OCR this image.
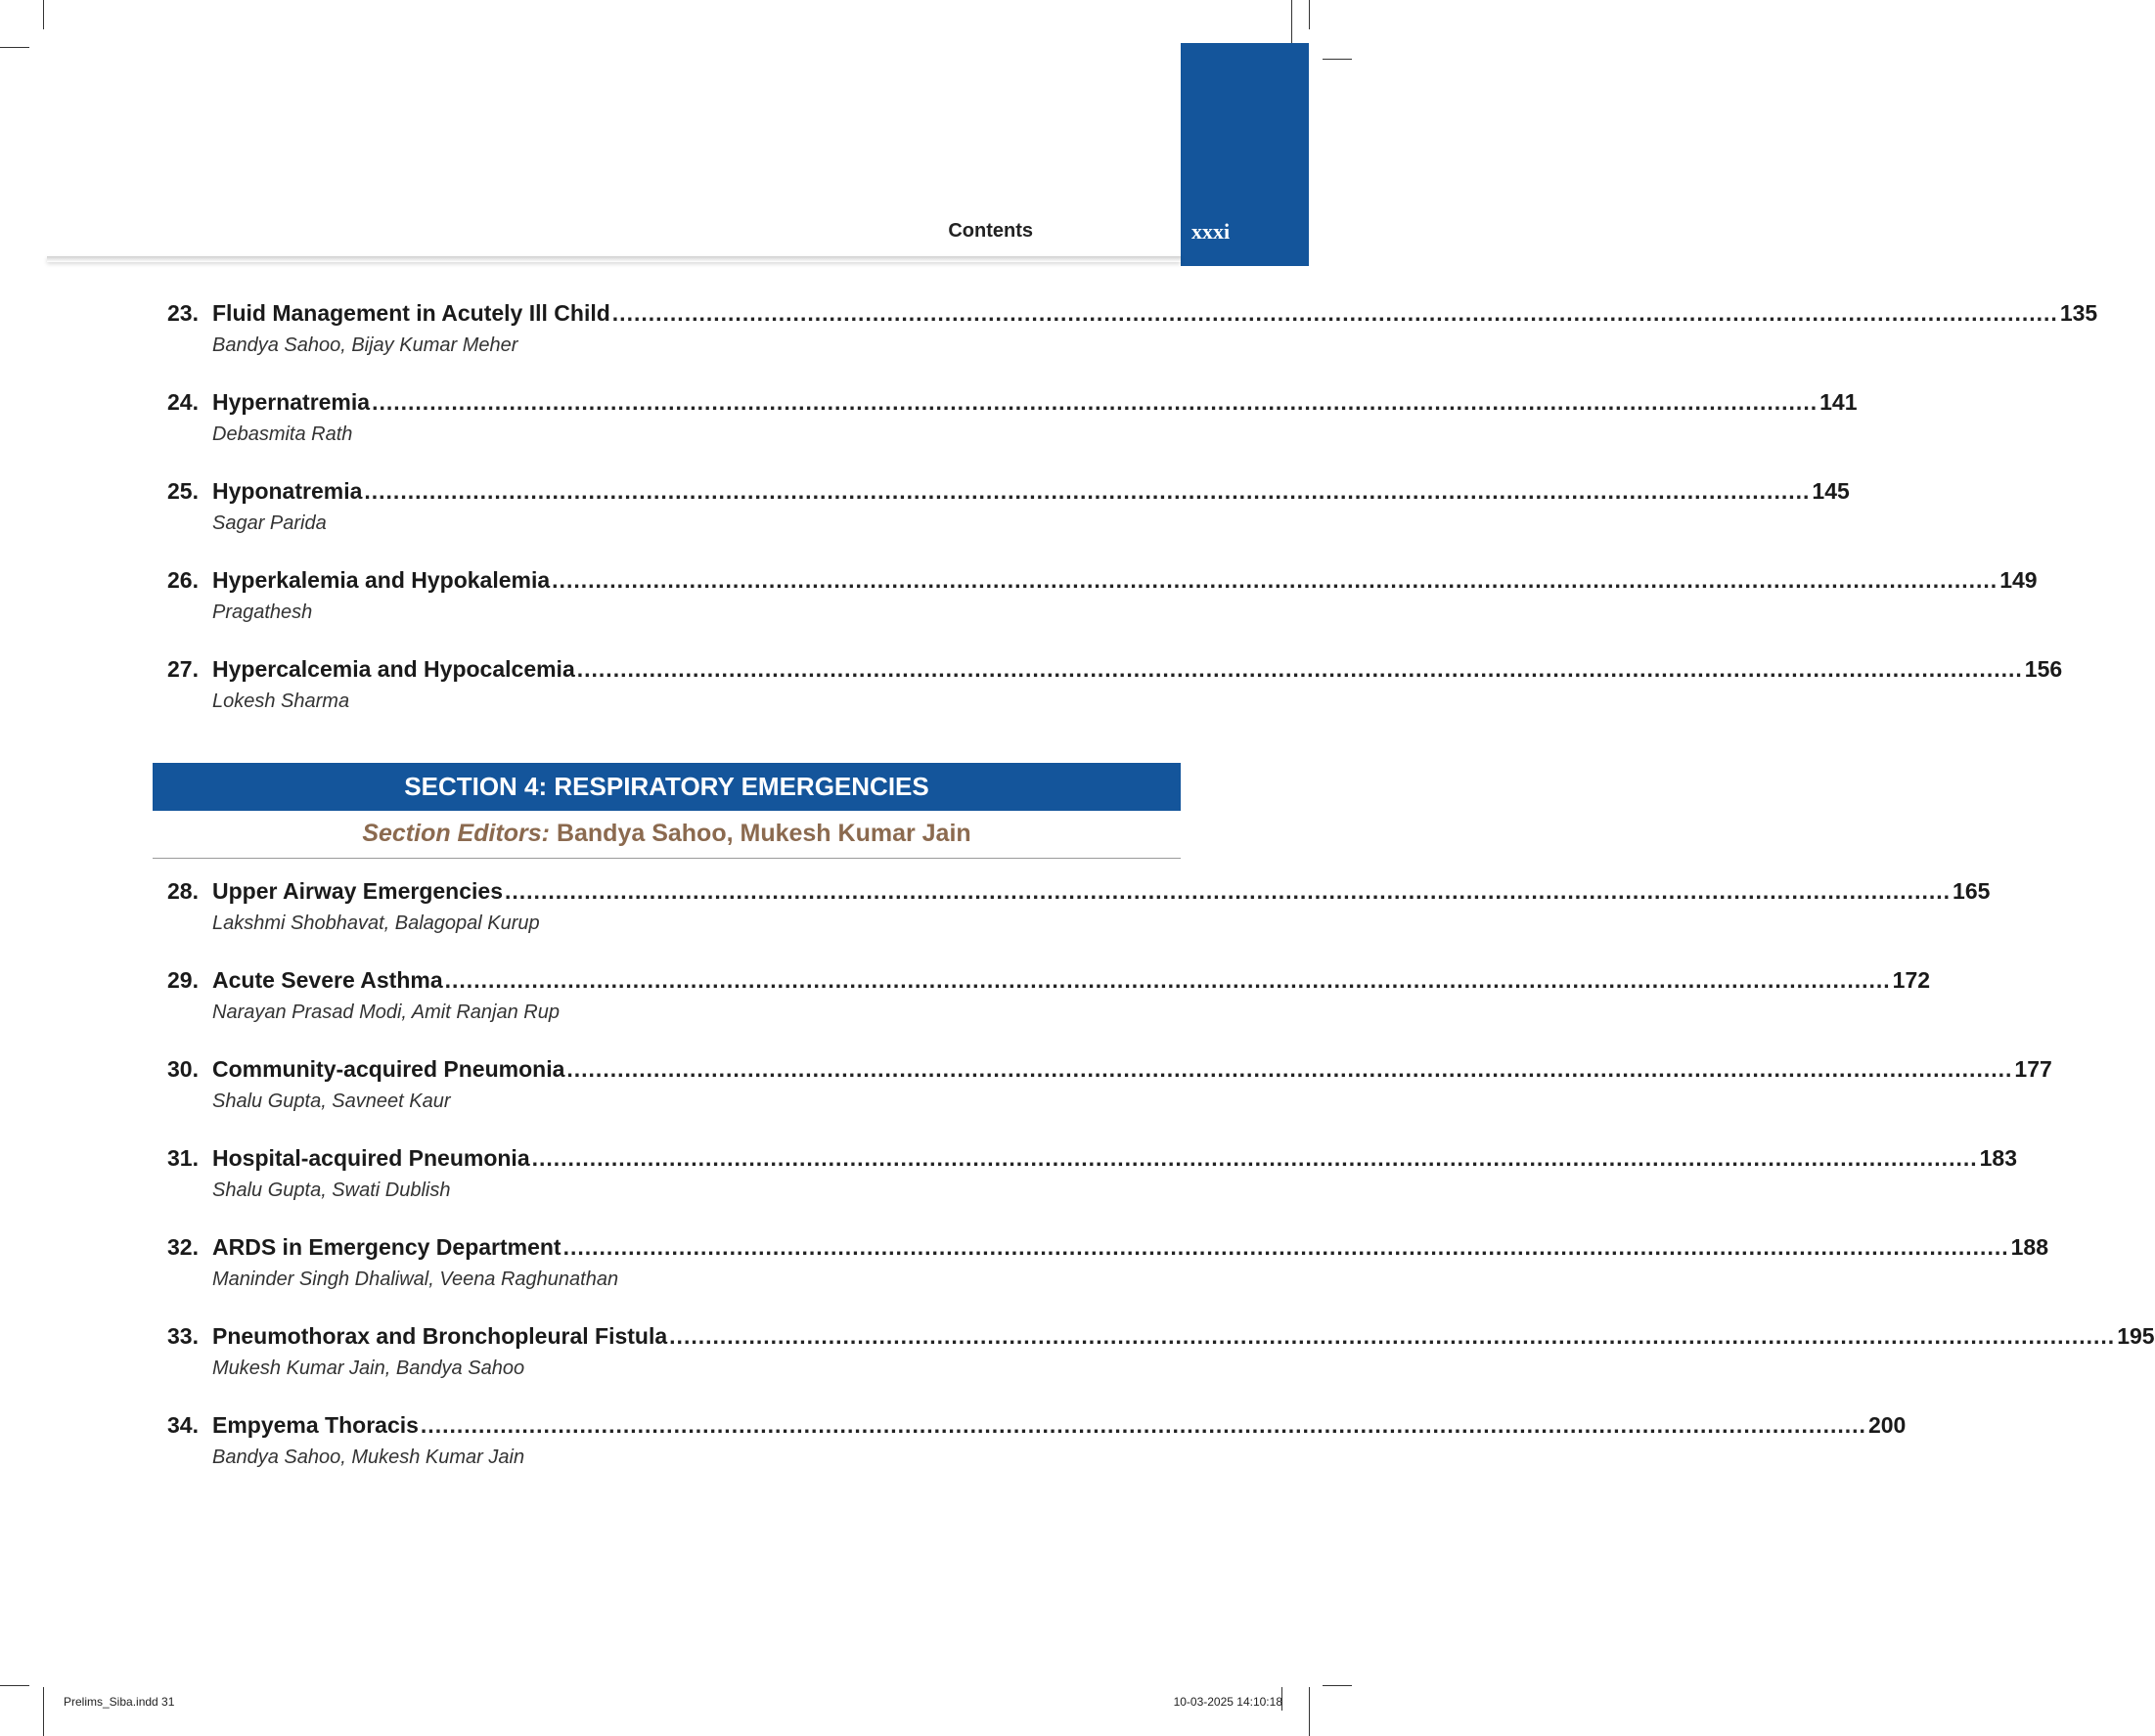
Contents	xxxi
23. Fluid Management in Acutely Ill Child ........................................................................................................................................................................................................ 135
Bandya Sahoo, Bijay Kumar Meher
24. Hypernatremia ........................................................................................................................................................................................................ 141
Debasmita Rath
25. Hyponatremia ........................................................................................................................................................................................................ 145
Sagar Parida
26. Hyperkalemia and Hypokalemia ........................................................................................................................................................................................................ 149
Pragathesh
27. Hypercalcemia and Hypocalcemia ........................................................................................................................................................................................................ 156
Lokesh Sharma
SECTION 4: RESPIRATORY EMERGENCIES
Section Editors: Bandya Sahoo, Mukesh Kumar Jain
28. Upper Airway Emergencies ........................................................................................................................................................................................................ 165
Lakshmi Shobhavat, Balagopal Kurup
29. Acute Severe Asthma ........................................................................................................................................................................................................ 172
Narayan Prasad Modi, Amit Ranjan Rup
30. Community-acquired Pneumonia ........................................................................................................................................................................................................ 177
Shalu Gupta, Savneet Kaur
31. Hospital-acquired Pneumonia ........................................................................................................................................................................................................ 183
Shalu Gupta, Swati Dublish
32. ARDS in Emergency Department ........................................................................................................................................................................................................ 188
Maninder Singh Dhaliwal, Veena Raghunathan
33. Pneumothorax and Bronchopleural Fistula ........................................................................................................................................................................................................ 195
Mukesh Kumar Jain, Bandya Sahoo
34. Empyema Thoracis ........................................................................................................................................................................................................ 200
Bandya Sahoo, Mukesh Kumar Jain
Prelims_Siba.indd 31	10-03-2025 14:10:18
